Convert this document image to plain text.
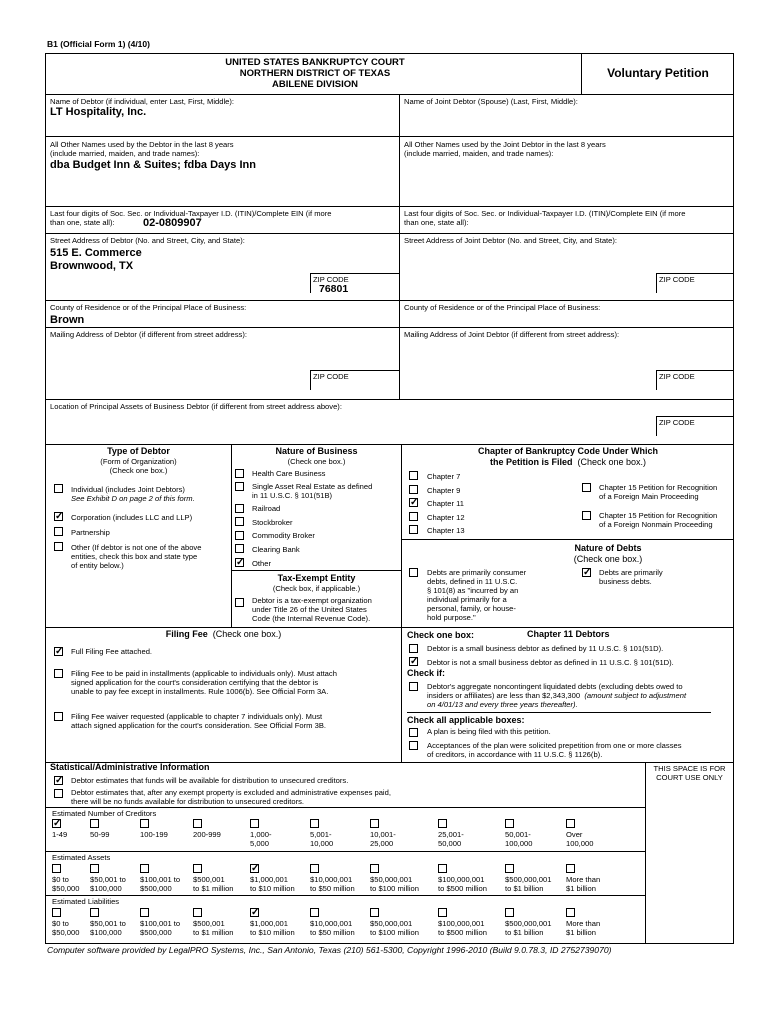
B1 (Official Form 1) (4/10)
UNITED STATES BANKRUPTCY COURT
NORTHERN DISTRICT OF TEXAS
ABILENE DIVISION
Voluntary Petition
Name of Debtor (if individual, enter Last, First, Middle):
LT Hospitality, Inc.
Name of Joint Debtor (Spouse) (Last, First, Middle):
All Other Names used by the Debtor in the last 8 years
(include married, maiden, and trade names):
dba Budget Inn & Suites; fdba Days Inn
All Other Names used by the Joint Debtor in the last 8 years
(include married, maiden, and trade names):
Last four digits of Soc. Sec. or Individual-Taxpayer I.D. (ITIN)/Complete EIN (if more
than one, state all):	02-0809907
Last four digits of Soc. Sec. or Individual-Taxpayer I.D. (ITIN)/Complete EIN (if more
than one, state all):
Street Address of Debtor (No. and Street, City, and State):
515 E. Commerce
Brownwood, TX
Street Address of Joint Debtor (No. and Street, City, and State):
ZIP CODE
76801
ZIP CODE
County of Residence or of the Principal Place of Business:
Brown
County of Residence or of the Principal Place of Business:
Mailing Address of Debtor (if different from street address):	Mailing Address of Joint Debtor (if different from street address):
ZIP CODE	ZIP CODE
Location of Principal Assets of Business Debtor (if different from street address above):
ZIP CODE
Type of Debtor
(Form of Organization)
(Check one box.)
Individual (includes Joint Debtors)
See Exhibit D on page 2 of this form.
✓ Corporation (includes LLC and LLP)
Partnership
Other (If debtor is not one of the above
entities, check this box and state type
of entity below.)
Nature of Business
(Check one box.)
Health Care Business
Single Asset Real Estate as defined
in 11 U.S.C. § 101(51B)
Railroad
Stockbroker
Commodity Broker
Clearing Bank
✓ Other
Tax-Exempt Entity
(Check box, if applicable.)
Debtor is a tax-exempt organization
under Title 26 of the United States
Code (the Internal Revenue Code).
Chapter of Bankruptcy Code Under Which
the Petition is Filed (Check one box.)
Chapter 7
Chapter 9
✓ Chapter 11
Chapter 12
Chapter 13
Chapter 15 Petition for Recognition
of a Foreign Main Proceeding
Chapter 15 Petition for Recognition
of a Foreign Nonmain Proceeding
Nature of Debts
(Check one box.)
Debts are primarily consumer
debts, defined in 11 U.S.C.
§ 101(8) as "incurred by an
individual primarily for a
personal, family, or house-
hold purpose."
✓ Debts are primarily
business debts.
Filing Fee (Check one box.)
✓ Full Filing Fee attached.
Filing Fee to be paid in installments (applicable to individuals only). Must attach
signed application for the court's consideration certifying that the debtor is
unable to pay fee except in installments. Rule 1006(b). See Official Form 3A.
Filing Fee waiver requested (applicable to chapter 7 individuals only). Must
attach signed application for the court's consideration. See Official Form 3B.
Check one box:	Chapter 11 Debtors
Debtor is a small business debtor as defined by 11 U.S.C. § 101(51D).
✓ Debtor is not a small business debtor as defined in 11 U.S.C. § 101(51D).
Check if:
Debtor's aggregate noncontingent liquidated debts (excluding debts owed to
insiders or affiliates) are less than $2,343,300 (amount subject to adjustment
on 4/01/13 and every three years thereafter).
Check all applicable boxes:
A plan is being filed with this petition.
Acceptances of the plan were solicited prepetition from one or more classes
of creditors, in accordance with 11 U.S.C. § 1126(b).
Statistical/Administrative Information	THIS SPACE IS FOR
COURT USE ONLY
✓ Debtor estimates that funds will be available for distribution to unsecured creditors.
Debtor estimates that, after any exempt property is excluded and administrative expenses paid,
there will be no funds available for distribution to unsecured creditors.
Estimated Number of Creditors
Estimated Assets
Estimated Liabilities
Computer software provided by LegalPRO Systems, Inc., San Antonio, Texas (210) 561-5300, Copyright 1996-2010 (Build 9.0.78.3, ID 2752739070)
✓
1-49	50-99	100-199	200-999	1,000-
5,000
5,001-
10,000
10,001-
25,000
25,001-
50,000
50,001-
100,000
Over
100,000
$0 to
$50,000
$50,001 to
$100,000
$100,001 to
$500,000
$500,001
to $1 million
✓
$1,000,001
to $10 million
$10,000,001
to $50 million
$50,000,001
to $100 million
$100,000,001
to $500 million
$500,000,001
to $1 billion
More than
$1 billion
$0 to
$50,000
$50,001 to
$100,000
$100,001 to
$500,000
$500,001
to $1 million
✓
$1,000,001
to $10 million
$10,000,001
to $50 million
$50,000,001
to $100 million
$100,000,001
to $500 million
$500,000,001
to $1 billion
More than
$1 billion
